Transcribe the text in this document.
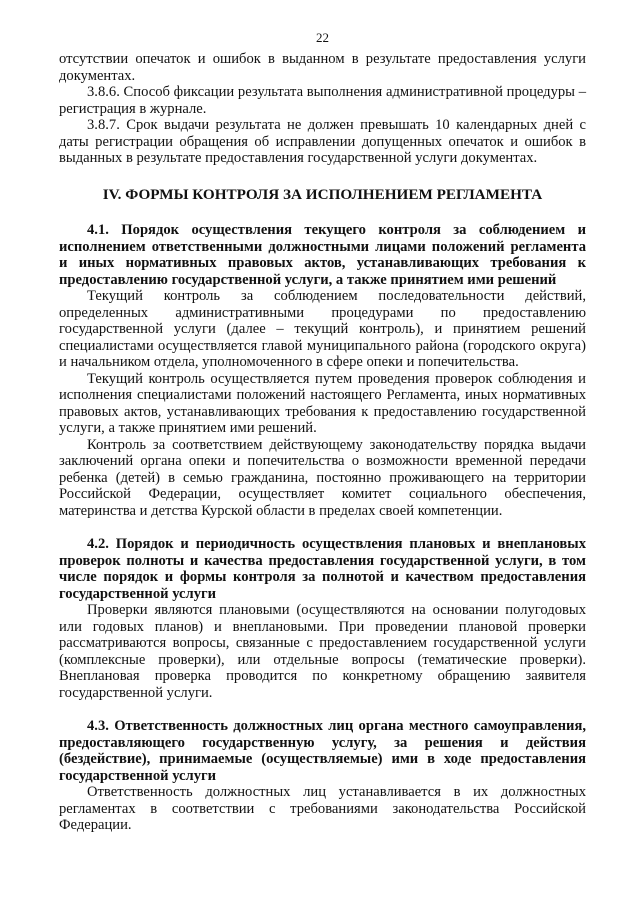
22

отсутствии опечаток и ошибок в выданном в результате предоставления услуги документах.

3.8.6. Способ фиксации результата выполнения административной процедуры – регистрация в журнале.

3.8.7. Срок выдачи результата не должен превышать 10 календарных дней с даты регистрации обращения об исправлении допущенных опечаток и ошибок в выданных в результате предоставления государственной услуги документах.

IV. ФОРМЫ КОНТРОЛЯ ЗА ИСПОЛНЕНИЕМ РЕГЛАМЕНТА

4.1. Порядок осуществления текущего контроля за соблюдением и исполнением ответственными должностными лицами положений регламента и иных нормативных правовых актов, устанавливающих требования к предоставлению государственной услуги, а также принятием ими решений

Текущий контроль за соблюдением последовательности действий, определенных административными процедурами по предоставлению государственной услуги (далее – текущий контроль), и принятием решений специалистами осуществляется главой муниципального района (городского округа) и начальником отдела, уполномоченного в сфере опеки и попечительства.

Текущий контроль осуществляется путем проведения проверок соблюдения и исполнения специалистами положений настоящего Регламента, иных нормативных правовых актов, устанавливающих требования к предоставлению государственной услуги, а также принятием ими решений.

Контроль за соответствием действующему законодательству порядка выдачи заключений органа опеки и попечительства о возможности временной передачи ребенка (детей) в семью гражданина, постоянно проживающего на территории Российской Федерации, осуществляет комитет социального обеспечения, материнства и детства Курской области в пределах своей компетенции.

4.2. Порядок и периодичность осуществления плановых и внеплановых проверок полноты и качества предоставления государственной услуги, в том числе порядок и формы контроля за полнотой и качеством предоставления государственной услуги

Проверки являются плановыми (осуществляются на основании полугодовых или годовых планов) и внеплановыми. При проведении плановой проверки рассматриваются вопросы, связанные с предоставлением государственной услуги (комплексные проверки), или отдельные вопросы (тематические проверки). Внеплановая проверка проводится по конкретному обращению заявителя государственной услуги.

4.3. Ответственность должностных лиц органа местного самоуправления, предоставляющего государственную услугу, за решения и действия (бездействие), принимаемые (осуществляемые) ими в ходе предоставления государственной услуги

Ответственность должностных лиц устанавливается в их должностных регламентах в соответствии с требованиями законодательства Российской Федерации.
